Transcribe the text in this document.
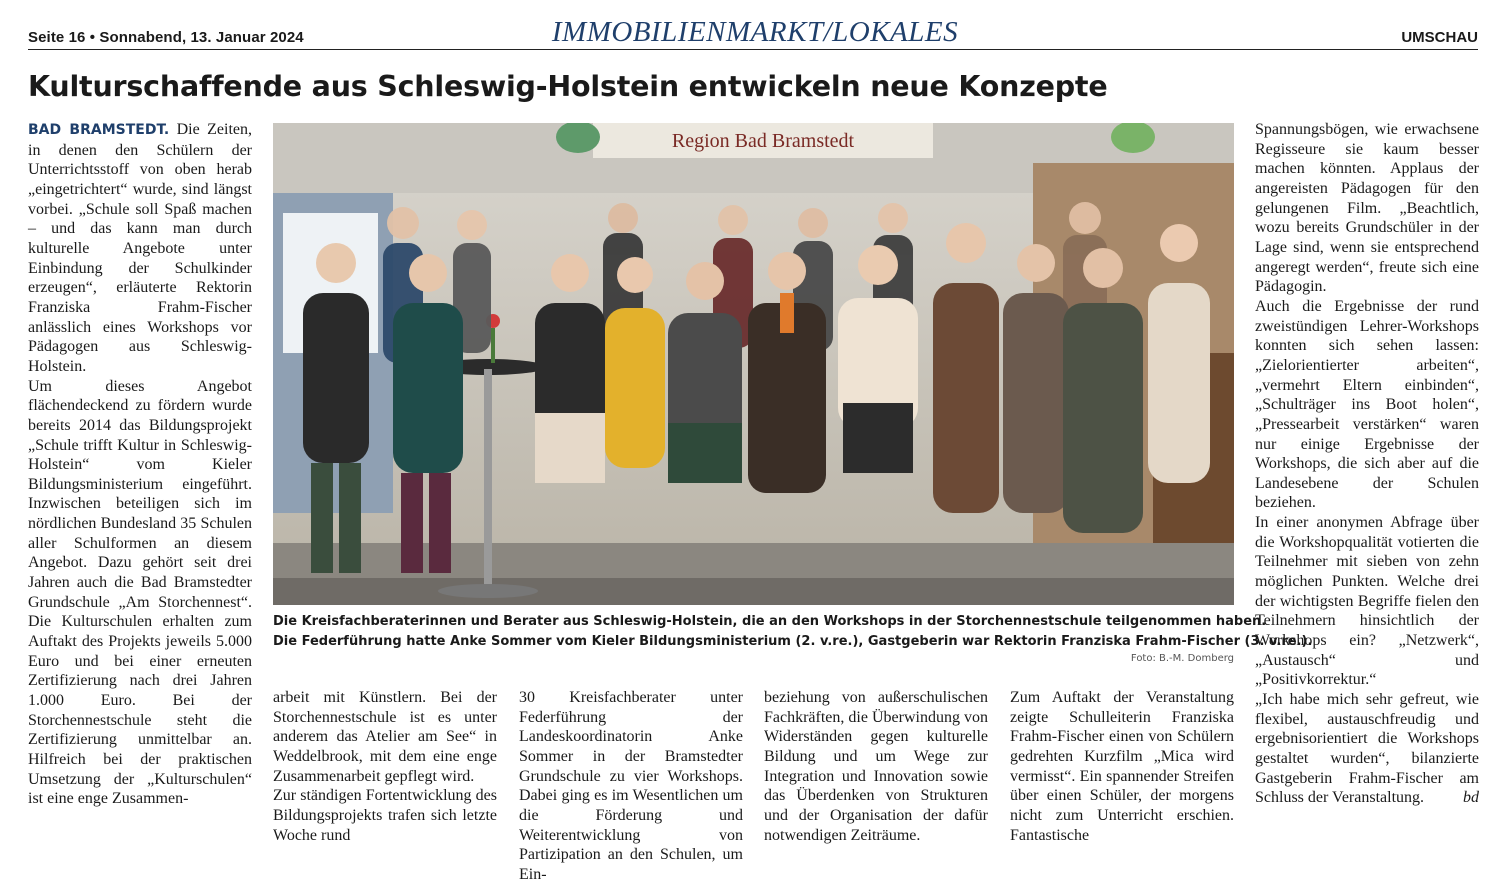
Seite 16 • Sonnabend, 13. Januar 2024	IMMOBILIENMARKT/LOKALES	UMSCHAU
Kulturschaffende aus Schleswig-Holstein entwickeln neue Konzepte

BAD BRAMSTEDT. Die Zeiten, in denen den Schülern der Unterrichtsstoff von oben herab „eingetrichtert“ wurde, sind längst vorbei. „Schule soll Spaß machen – und das kann man durch kulturelle Angebote unter Einbindung der Schulkinder erzeugen“, erläuterte Rektorin Franziska Frahm-Fischer anlässlich eines Workshops vor Pädagogen aus Schleswig-Holstein.

Um dieses Angebot flächendeckend zu fördern wurde bereits 2014 das Bildungsprojekt „Schule trifft Kultur in Schleswig-Holstein“ vom Kieler Bildungsministerium eingeführt. Inzwischen beteiligen sich im nördlichen Bundesland 35 Schulen aller Schulformen an diesem Angebot. Dazu gehört seit drei Jahren auch die Bad Bramstedter Grundschule „Am Storchennest“. Die Kulturschulen erhalten zum Auftakt des Projekts jeweils 5.000 Euro und bei einer erneuten Zertifizierung nach drei Jahren 1.000 Euro. Bei der Storchennestschule steht die Zertifizierung unmittelbar an. Hilfreich bei der praktischen Umsetzung der „Kulturschulen“ ist eine enge Zusammen-

Region Bad Bramstedt
Die Kreisfachberaterinnen und Berater aus Schleswig-Holstein, die an den Workshops in der Storchennestschule teilgenommen haben.
Die Federführung hatte Anke Sommer vom Kieler Bildungsministerium (2. v.re.), Gastgeberin war Rektorin Franziska Frahm-Fischer (3. v.re.).
Foto: B.-M. Domberg

arbeit mit Künstlern. Bei der Storchennestschule ist es unter anderem das Atelier am See“ in Weddelbrook, mit dem eine enge Zusammenarbeit gepflegt wird.

Zur ständigen Fortentwicklung des Bildungsprojekts trafen sich letzte Woche rund

30 Kreisfachberater unter Federführung der Landeskoordinatorin Anke Sommer in der Bramstedter Grundschule zu vier Workshops. Dabei ging es im Wesentlichen um die Förderung und Weiterentwicklung von Partizipation an den Schulen, um Ein-

beziehung von außerschulischen Fachkräften, die Überwindung von Widerständen gegen kulturelle Bildung und um Wege zur Integration und Innovation sowie das Überdenken von Strukturen und der Organisation der dafür notwendigen Zeiträume.

Zum Auftakt der Veranstaltung zeigte Schulleiterin Franziska Frahm-Fischer einen von Schülern gedrehten Kurzfilm „Mica wird vermisst“. Ein spannender Streifen über einen Schüler, der morgens nicht zum Unterricht erschien. Fantastische

Spannungsbögen, wie erwachsene Regisseure sie kaum besser machen könnten. Applaus der angereisten Pädagogen für den gelungenen Film. „Beachtlich, wozu bereits Grundschüler in der Lage sind, wenn sie entsprechend angeregt werden“, freute sich eine Pädagogin.

Auch die Ergebnisse der rund zweistündigen Lehrer-Workshops konnten sich sehen lassen: „Zielorientierter arbeiten“, „vermehrt Eltern einbinden“, „Schulträger ins Boot holen“, „Pressearbeit verstärken“ waren nur einige Ergebnisse der Workshops, die sich aber auf die Landesebene der Schulen beziehen.

In einer anonymen Abfrage über die Workshopqualität votierten die Teilnehmer mit sieben von zehn möglichen Punkten. Welche drei der wichtigsten Begriffe fielen den Teilnehmern hinsichtlich der Workshops ein? „Netzwerk“, „Austausch“ und „Positivkorrektur.“

„Ich habe mich sehr gefreut, wie flexibel, austauschfreudig und ergebnisorientiert die Workshops gestaltet wurden“, bilanzierte Gastgeberin Frahm-Fischer am Schluss der Veranstaltung. bd
